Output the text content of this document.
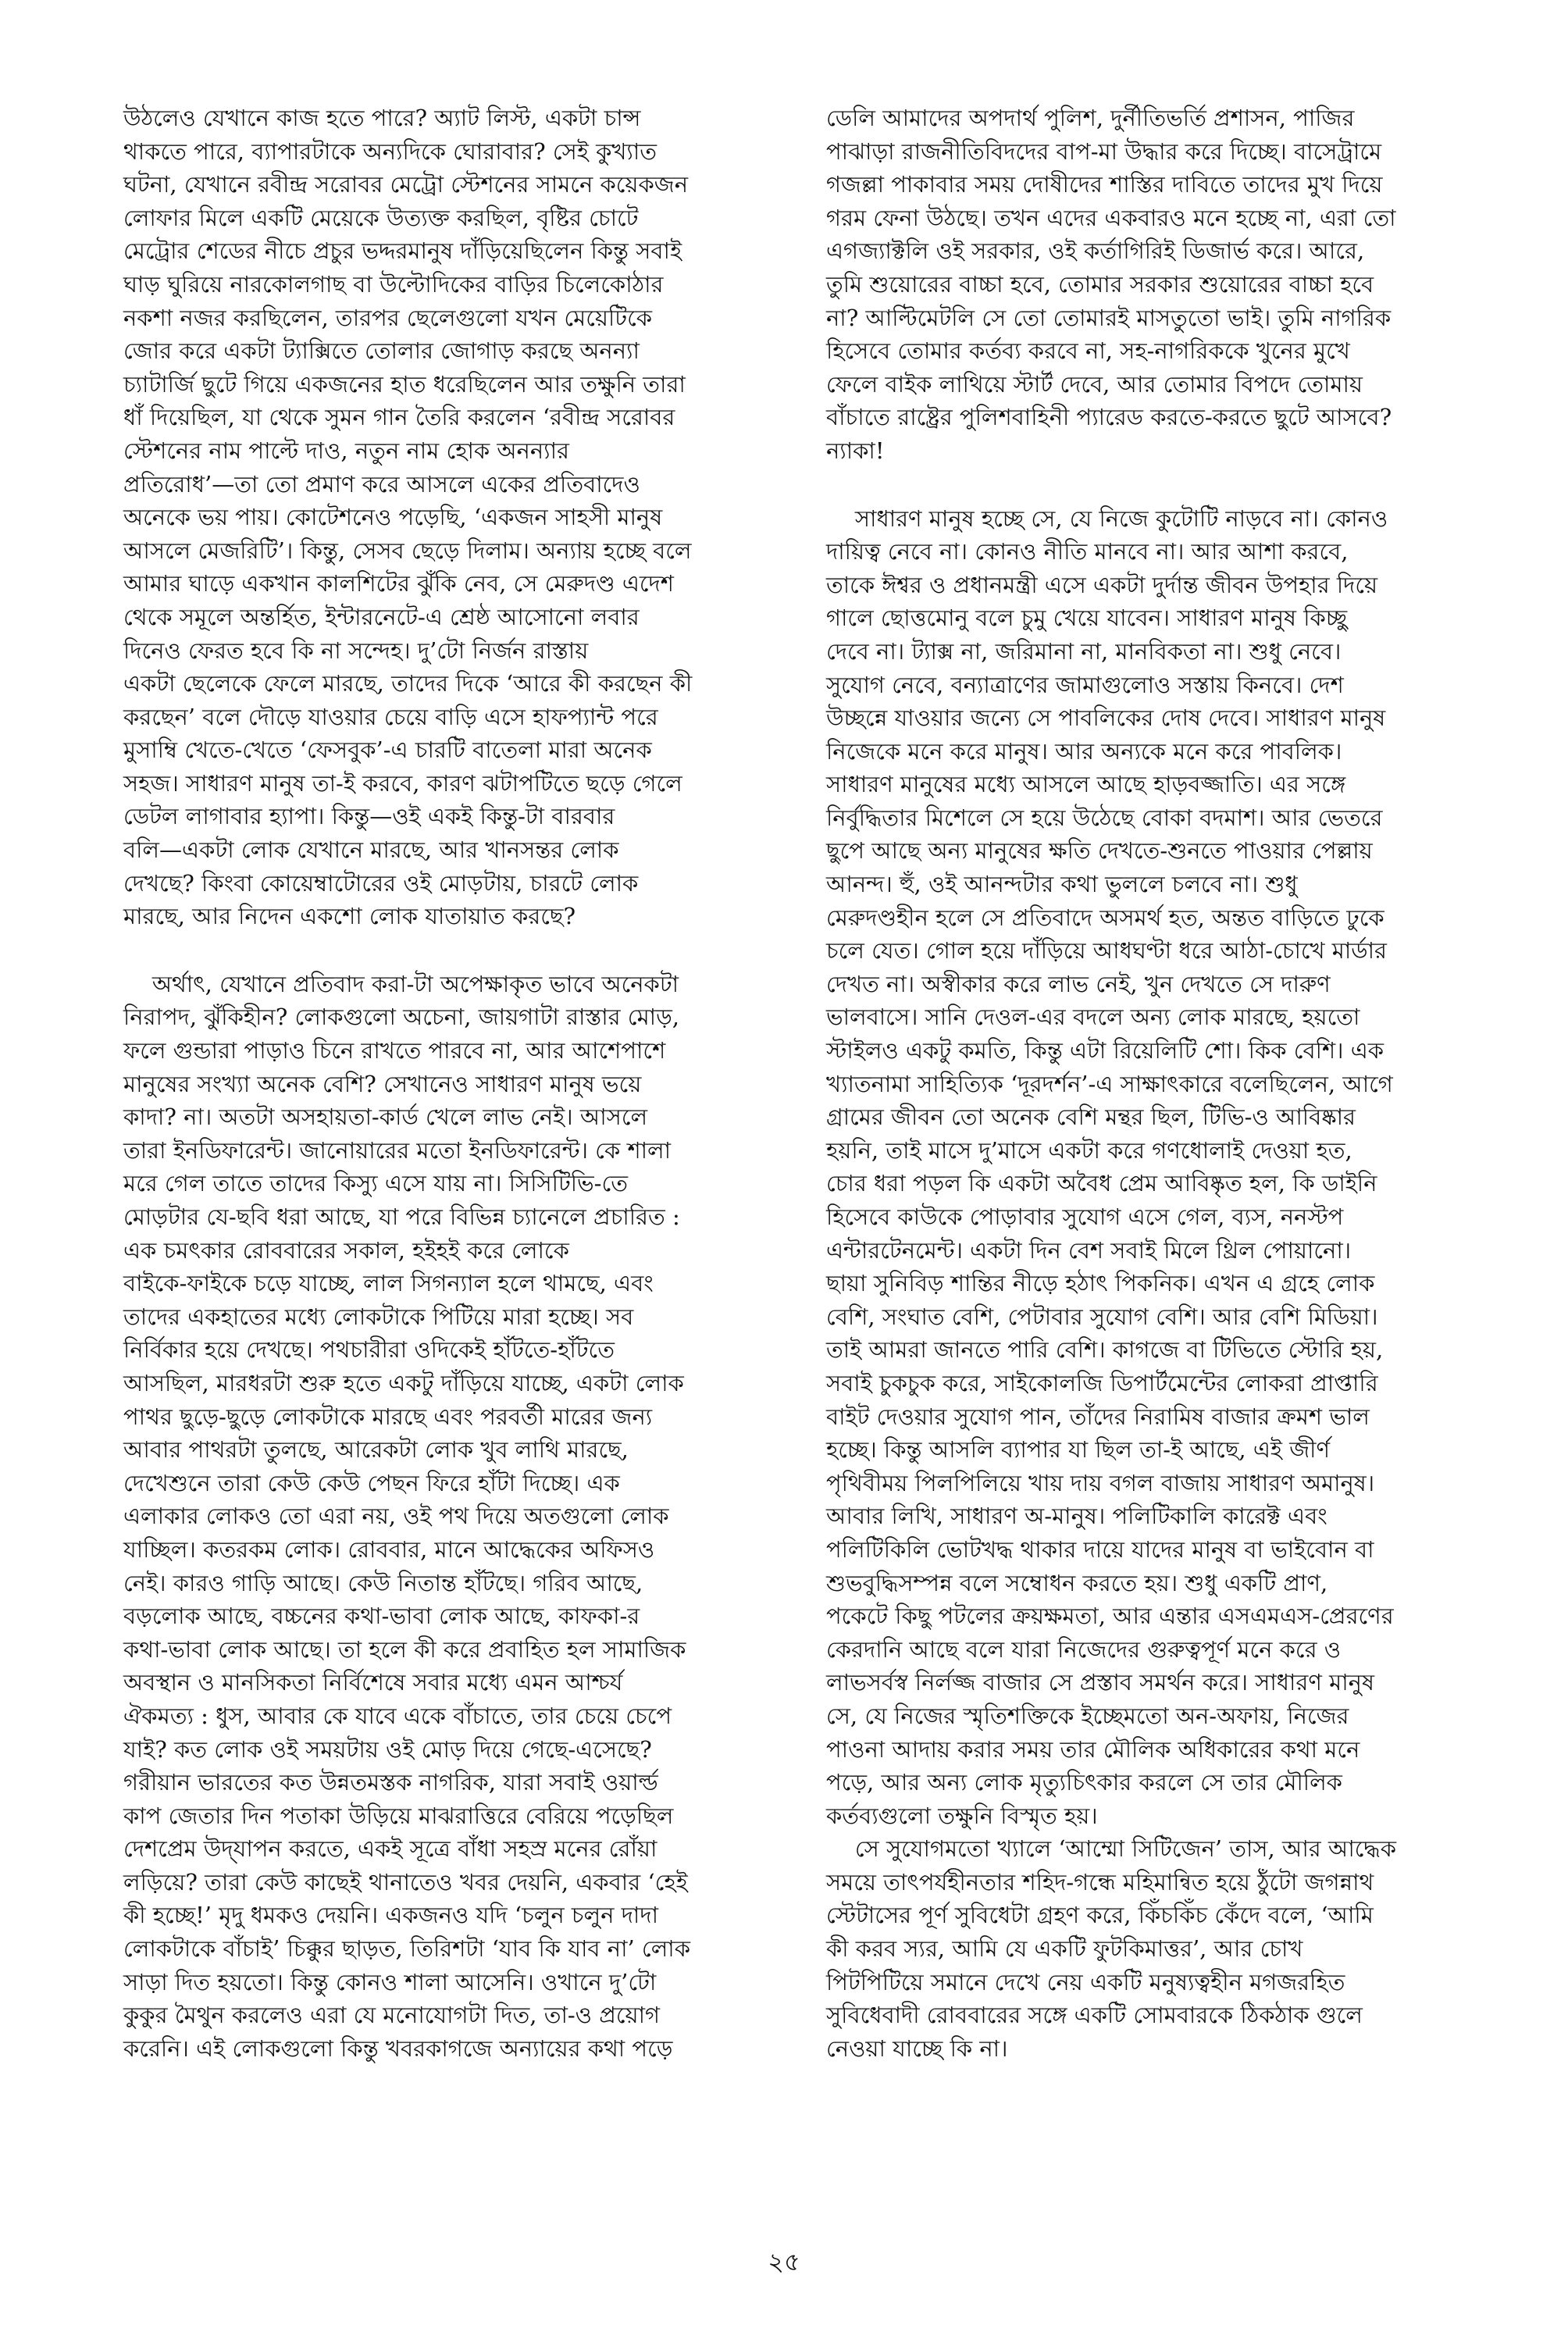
উঠলেও যেখানে কাজ হতে পারে? অ্যাট লিস্ট, একটা চান্স
থাকতে পারে, ব্যাপারটাকে অন্যদিকে ঘোরাবার? সেই কুখ্যাত
ঘটনা, যেখানে রবীন্দ্র সরোবর মেট্রো স্টেশনের সামনে কয়েকজন
লোফার মিলে একটি মেয়েকে উত্যক্ত করছিল, বৃষ্টির চোটে
মেট্রোর শেডের নীচে প্রচুর ভদ্দরমানুষ দাঁড়িয়েছিলেন কিন্তু সবাই
ঘাড় ঘুরিয়ে নারকোলগাছ বা উল্টোদিকের বাড়ির চিলেকোঠার
নকশা নজর করছিলেন, তারপর ছেলেগুলো যখন মেয়েটিকে
জোর করে একটা ট্যাক্সিতে তোলার জোগাড় করছে অনন্যা
চ্যাটার্জি ছুটে গিয়ে একজনের হাত ধরেছিলেন আর তক্ষুনি তারা
ধাঁ দিয়েছিল, যা থেকে সুমন গান তৈরি করলেন ‘রবীন্দ্র সরোবর
স্টেশনের নাম পাল্টে দাও, নতুন নাম হোক অনন্যার
প্রতিরোধ’—তা তো প্রমাণ করে আসলে একের প্রতিবাদেও
অনেকে ভয় পায়। কোটেশনেও পড়েছি, ‘একজন সাহসী মানুষ
আসলে মেজরিটি’। কিন্তু, সেসব ছেড়ে দিলাম। অন্যায় হচ্ছে বলে
আমার ঘাড়ে একখান কালশিটের ঝুঁকি নেব, সে মেরুদণ্ড এদেশ
থেকে সমূলে অন্তর্হিত, ইন্টারনেটে-এ শ্রেষ্ঠ আসোনো লবার
দিনেও ফেরত হবে কি না সন্দেহ। দু’টো নির্জন রাস্তায়
একটা ছেলেকে ফেলে মারছে, তাদের দিকে ‘আরে কী করছেন কী
করছেন’ বলে দৌড়ে যাওয়ার চেয়ে বাড়ি এসে হাফপ্যান্ট পরে
মুসাম্বি খেতে-খেতে ‘ফেসবুক’-এ চারটি বাতেলা মারা অনেক
সহজ। সাধারণ মানুষ তা-ই করবে, কারণ ঝটাপটিতে ছড়ে গেলে
ডেটল লাগাবার হ্যাপা। কিন্তু—ওই একই কিন্তু-টা বারবার
বলি—একটা লোক যেখানে মারছে, আর খানসন্তর লোক
দেখছে? কিংবা কোয়েম্বাটোরের ওই মোড়টায়, চারটে লোক
মারছে, আর নিদেন একশো লোক যাতায়াত করছে?

অর্থাৎ, যেখানে প্রতিবাদ করা-টা অপেক্ষাকৃত ভাবে অনেকটা
নিরাপদ, ঝুঁকিহীন? লোকগুলো অচেনা, জায়গাটা রাস্তার মোড়,
ফলে গুন্ডারা পাড়াও চিনে রাখতে পারবে না, আর আশেপাশে
মানুষের সংখ্যা অনেক বেশি? সেখানেও সাধারণ মানুষ ভয়ে
কাদা? না। অতটা অসহায়তা-কার্ড খেলে লাভ নেই। আসলে
তারা ইনডিফারেন্ট। জানোয়ারের মতো ইনডিফারেন্ট। কে শালা
মরে গেল তাতে তাদের কিস্যু এসে যায় না। সিসিটিভি-তে
মোড়টার যে-ছবি ধরা আছে, যা পরে বিভিন্ন চ্যানেলে প্রচারিত :
এক চমৎকার রোববারের সকাল, হইহই করে লোকে
বাইকে-ফাইকে চড়ে যাচ্ছে, লাল সিগন্যাল হলে থামছে, এবং
তাদের একহাতের মধ্যে লোকটাকে পিটিয়ে মারা হচ্ছে। সব
নির্বিকার হয়ে দেখছে। পথচারীরা ওদিকেই হাঁটতে-হাঁটতে
আসছিল, মারধরটা শুরু হতে একটু দাঁড়িয়ে যাচ্ছে, একটা লোক
পাথর ছুড়ে-ছুড়ে লোকটাকে মারছে এবং পরবর্তী মারের জন্য
আবার পাথরটা তুলছে, আরেকটা লোক খুব লাথি মারছে,
দেখেশুনে তারা কেউ কেউ পেছন ফিরে হাঁটা দিচ্ছে। এক
এলাকার লোকও তো এরা নয়, ওই পথ দিয়ে অতগুলো লোক
যাচ্ছিল। কতরকম লোক। রোববার, মানে আদ্ধেকের অফিসও
নেই। কারও গাড়ি আছে। কেউ নিতান্ত হাঁটছে। গরিব আছে,
বড়লোক আছে, বচ্চনের কথা-ভাবা লোক আছে, কাফকা-র
কথা-ভাবা লোক আছে। তা হলে কী করে প্রবাহিত হল সামাজিক
অবস্থান ও মানসিকতা নির্বিশেষে সবার মধ্যে এমন আশ্চর্য
ঐকমত্য : ধুস, আবার কে যাবে একে বাঁচাতে, তার চেয়ে চেপে
যাই? কত লোক ওই সময়টায় ওই মোড় দিয়ে গেছে-এসেছে?
গরীয়ান ভারতের কত উন্নতমস্তক নাগরিক, যারা সবাই ওয়ার্ল্ড
কাপ জেতার দিন পতাকা উড়িয়ে মাঝরাত্তিরে বেরিয়ে পড়েছিল
দেশপ্রেম উদ্‌যাপন করতে, একই সূত্রে বাঁধা সহস্র মনের রোঁয়া
লড়িয়ে? তারা কেউ কাছেই থানাতেও খবর দেয়নি, একবার ‘হেই
কী হচ্ছে!’ মৃদু ধমকও দেয়নি। একজনও যদি ‘চলুন চলুন দাদা
লোকটাকে বাঁচাই’ চিক্কুর ছাড়ত, তিরিশটা ‘যাব কি যাব না’ লোক
সাড়া দিত হয়তো। কিন্তু কোনও শালা আসেনি। ওখানে দু’টো
কুকুর মৈথুন করলেও এরা যে মনোযোগটা দিত, তা-ও প্রয়োগ
করেনি। এই লোকগুলো কিন্তু খবরকাগজে অন্যায়ের কথা পড়ে

ডেলি আমাদের অপদার্থ পুলিশ, দুর্নীতিভর্তি প্রশাসন, পাজির
পাঝাড়া রাজনীতিবিদদের বাপ-মা উদ্ধার করে দিচ্ছে। বাসেট্রামে
গজল্লা পাকাবার সময় দোষীদের শাস্তির দাবিতে তাদের মুখ দিয়ে
গরম ফেনা উঠছে। তখন এদের একবারও মনে হচ্ছে না, এরা তো
এগজ্যাক্টলি ওই সরকার, ওই কর্তাগিরিই ডিজার্ভ করে। আরে,
তুমি শুয়োরের বাচ্চা হবে, তোমার সরকার শুয়োরের বাচ্চা হবে
না? আল্টিমেটলি সে তো তোমারই মাসতুতো ভাই। তুমি নাগরিক
হিসেবে তোমার কর্তব্য করবে না, সহ-নাগরিককে খুনের মুখে
ফেলে বাইক লাথিয়ে স্টার্ট দেবে, আর তোমার বিপদে তোমায়
বাঁচাতে রাষ্ট্রের পুলিশবাহিনী প্যারেড করতে-করতে ছুটে আসবে?
ন্যাকা!

সাধারণ মানুষ হচ্ছে সে, যে নিজে কুটোটি নাড়বে না। কোনও
দায়িত্ব নেবে না। কোনও নীতি মানবে না। আর আশা করবে,
তাকে ঈশ্বর ও প্রধানমন্ত্রী এসে একটা দুর্দান্ত জীবন উপহার দিয়ে
গালে ছোত্তমোনু বলে চুমু খেয়ে যাবেন। সাধারণ মানুষ কিচ্ছু
দেবে না। ট্যাক্স না, জরিমানা না, মানবিকতা না। শুধু নেবে।
সুযোগ নেবে, বন্যাত্রাণের জামাগুলোও সস্তায় কিনবে। দেশ
উচ্ছন্নে যাওয়ার জন্যে সে পাবলিকের দোষ দেবে। সাধারণ মানুষ
নিজেকে মনে করে মানুষ। আর অন্যকে মনে করে পাবলিক।
সাধারণ মানুষের মধ্যে আসলে আছে হাড়বজ্জাতি। এর সঙ্গে
নির্বুদ্ধিতার মিশেলে সে হয়ে উঠেছে বোকা বদমাশ। আর ভেতরে
ছুপে আছে অন্য মানুষের ক্ষতি দেখতে-শুনতে পাওয়ার পেল্লায়
আনন্দ। হুঁ, ওই আনন্দটার কথা ভুললে চলবে না। শুধু
মেরুদণ্ডহীন হলে সে প্রতিবাদে অসমর্থ হত, অন্তত বাড়িতে ঢুকে
চলে যেত। গোল হয়ে দাঁড়িয়ে আধঘণ্টা ধরে আঠা-চোখে মার্ডার
দেখত না। অস্বীকার করে লাভ নেই, খুন দেখতে সে দারুণ
ভালবাসে। সানি দেওল-এর বদলে অন্য লোক মারছে, হয়তো
স্টাইলও একটু কমতি, কিন্তু এটা রিয়েলিটি শো। কিক বেশি। এক
খ্যাতনামা সাহিত্যিক ‘দূরদর্শন’-এ সাক্ষাৎকারে বলেছিলেন, আগে
গ্রামের জীবন তো অনেক বেশি মন্থর ছিল, টিভি-ও আবিষ্কার
হয়নি, তাই মাসে দু’মাসে একটা করে গণধোলাই দেওয়া হত,
চোর ধরা পড়ল কি একটা অবৈধ প্রেম আবিষ্কৃত হল, কি ডাইনি
হিসেবে কাউকে পোড়াবার সুযোগ এসে গেল, ব্যস, ননস্টপ
এন্টারটেনমেন্ট। একটা দিন বেশ সবাই মিলে থ্রিল পোয়ানো।
ছায়া সুনিবিড় শান্তির নীড়ে হঠাৎ পিকনিক। এখন এ গ্রহে লোক
বেশি, সংঘাত বেশি, পেটাবার সুযোগ বেশি। আর বেশি মিডিয়া।
তাই আমরা জানতে পারি বেশি। কাগজে বা টিভিতে স্টোরি হয়,
সবাই চুকচুক করে, সাইকোলজি ডিপার্টমেন্টের লোকরা প্রাপ্তারি
বাইট দেওয়ার সুযোগ পান, তাঁদের নিরামিষ বাজার ক্রমশ ভাল
হচ্ছে। কিন্তু আসলি ব্যাপার যা ছিল তা-ই আছে, এই জীর্ণ
পৃথিবীময় পিলপিলিয়ে খায় দায় বগল বাজায় সাধারণ অমানুষ।
আবার লিখি, সাধারণ অ-মানুষ। পলিটিকালি কারেক্ট এবং
পলিটিকিলি ভোটখদ্ধ থাকার দায়ে যাদের মানুষ বা ভাইবোন বা
শুভবুদ্ধিসম্পন্ন বলে সম্বোধন করতে হয়। শুধু একটি প্রাণ,
পকেটে কিছু পটলের ক্রয়ক্ষমতা, আর এন্তার এসএমএস-প্রেরণের
কেরদানি আছে বলে যারা নিজেদের গুরুত্বপূর্ণ মনে করে ও
লাভসর্বস্ব নির্লজ্জ বাজার সে প্রস্তাব সমর্থন করে। সাধারণ মানুষ
সে, যে নিজের স্মৃতিশক্তিকে ইচ্ছেমতো অন-অফায়, নিজের
পাওনা আদায় করার সময় তার মৌলিক অধিকারের কথা মনে
পড়ে, আর অন্য লোক মৃত্যুচিৎকার করলে সে তার মৌলিক
কর্তব্যগুলো তক্ষুনি বিস্মৃত হয়।

সে সুযোগমতো খ্যালে ‘আম্মো সিটিজেন’ তাস, আর আদ্ধেক
সময়ে তাৎপর্যহীনতার শহিদ-গন্ধে মহিমান্বিত হয়ে ঠুঁটো জগন্নাথ
স্টেটাসের পূর্ণ সুবিধেটা গ্রহণ করে, কিঁচকিঁচ কেঁদে বলে, ‘আমি
কী করব স্যর, আমি যে একটি ফুটকিমাত্তর’, আর চোখ
পিটপিটিয়ে সমানে দেখে নেয় একটি মনুষ্যত্বহীন মগজরহিত
সুবিধেবাদী রোববারের সঙ্গে একটি সোমবারকে ঠিকঠাক গুলে
নেওয়া যাচ্ছে কি না।

২৫
